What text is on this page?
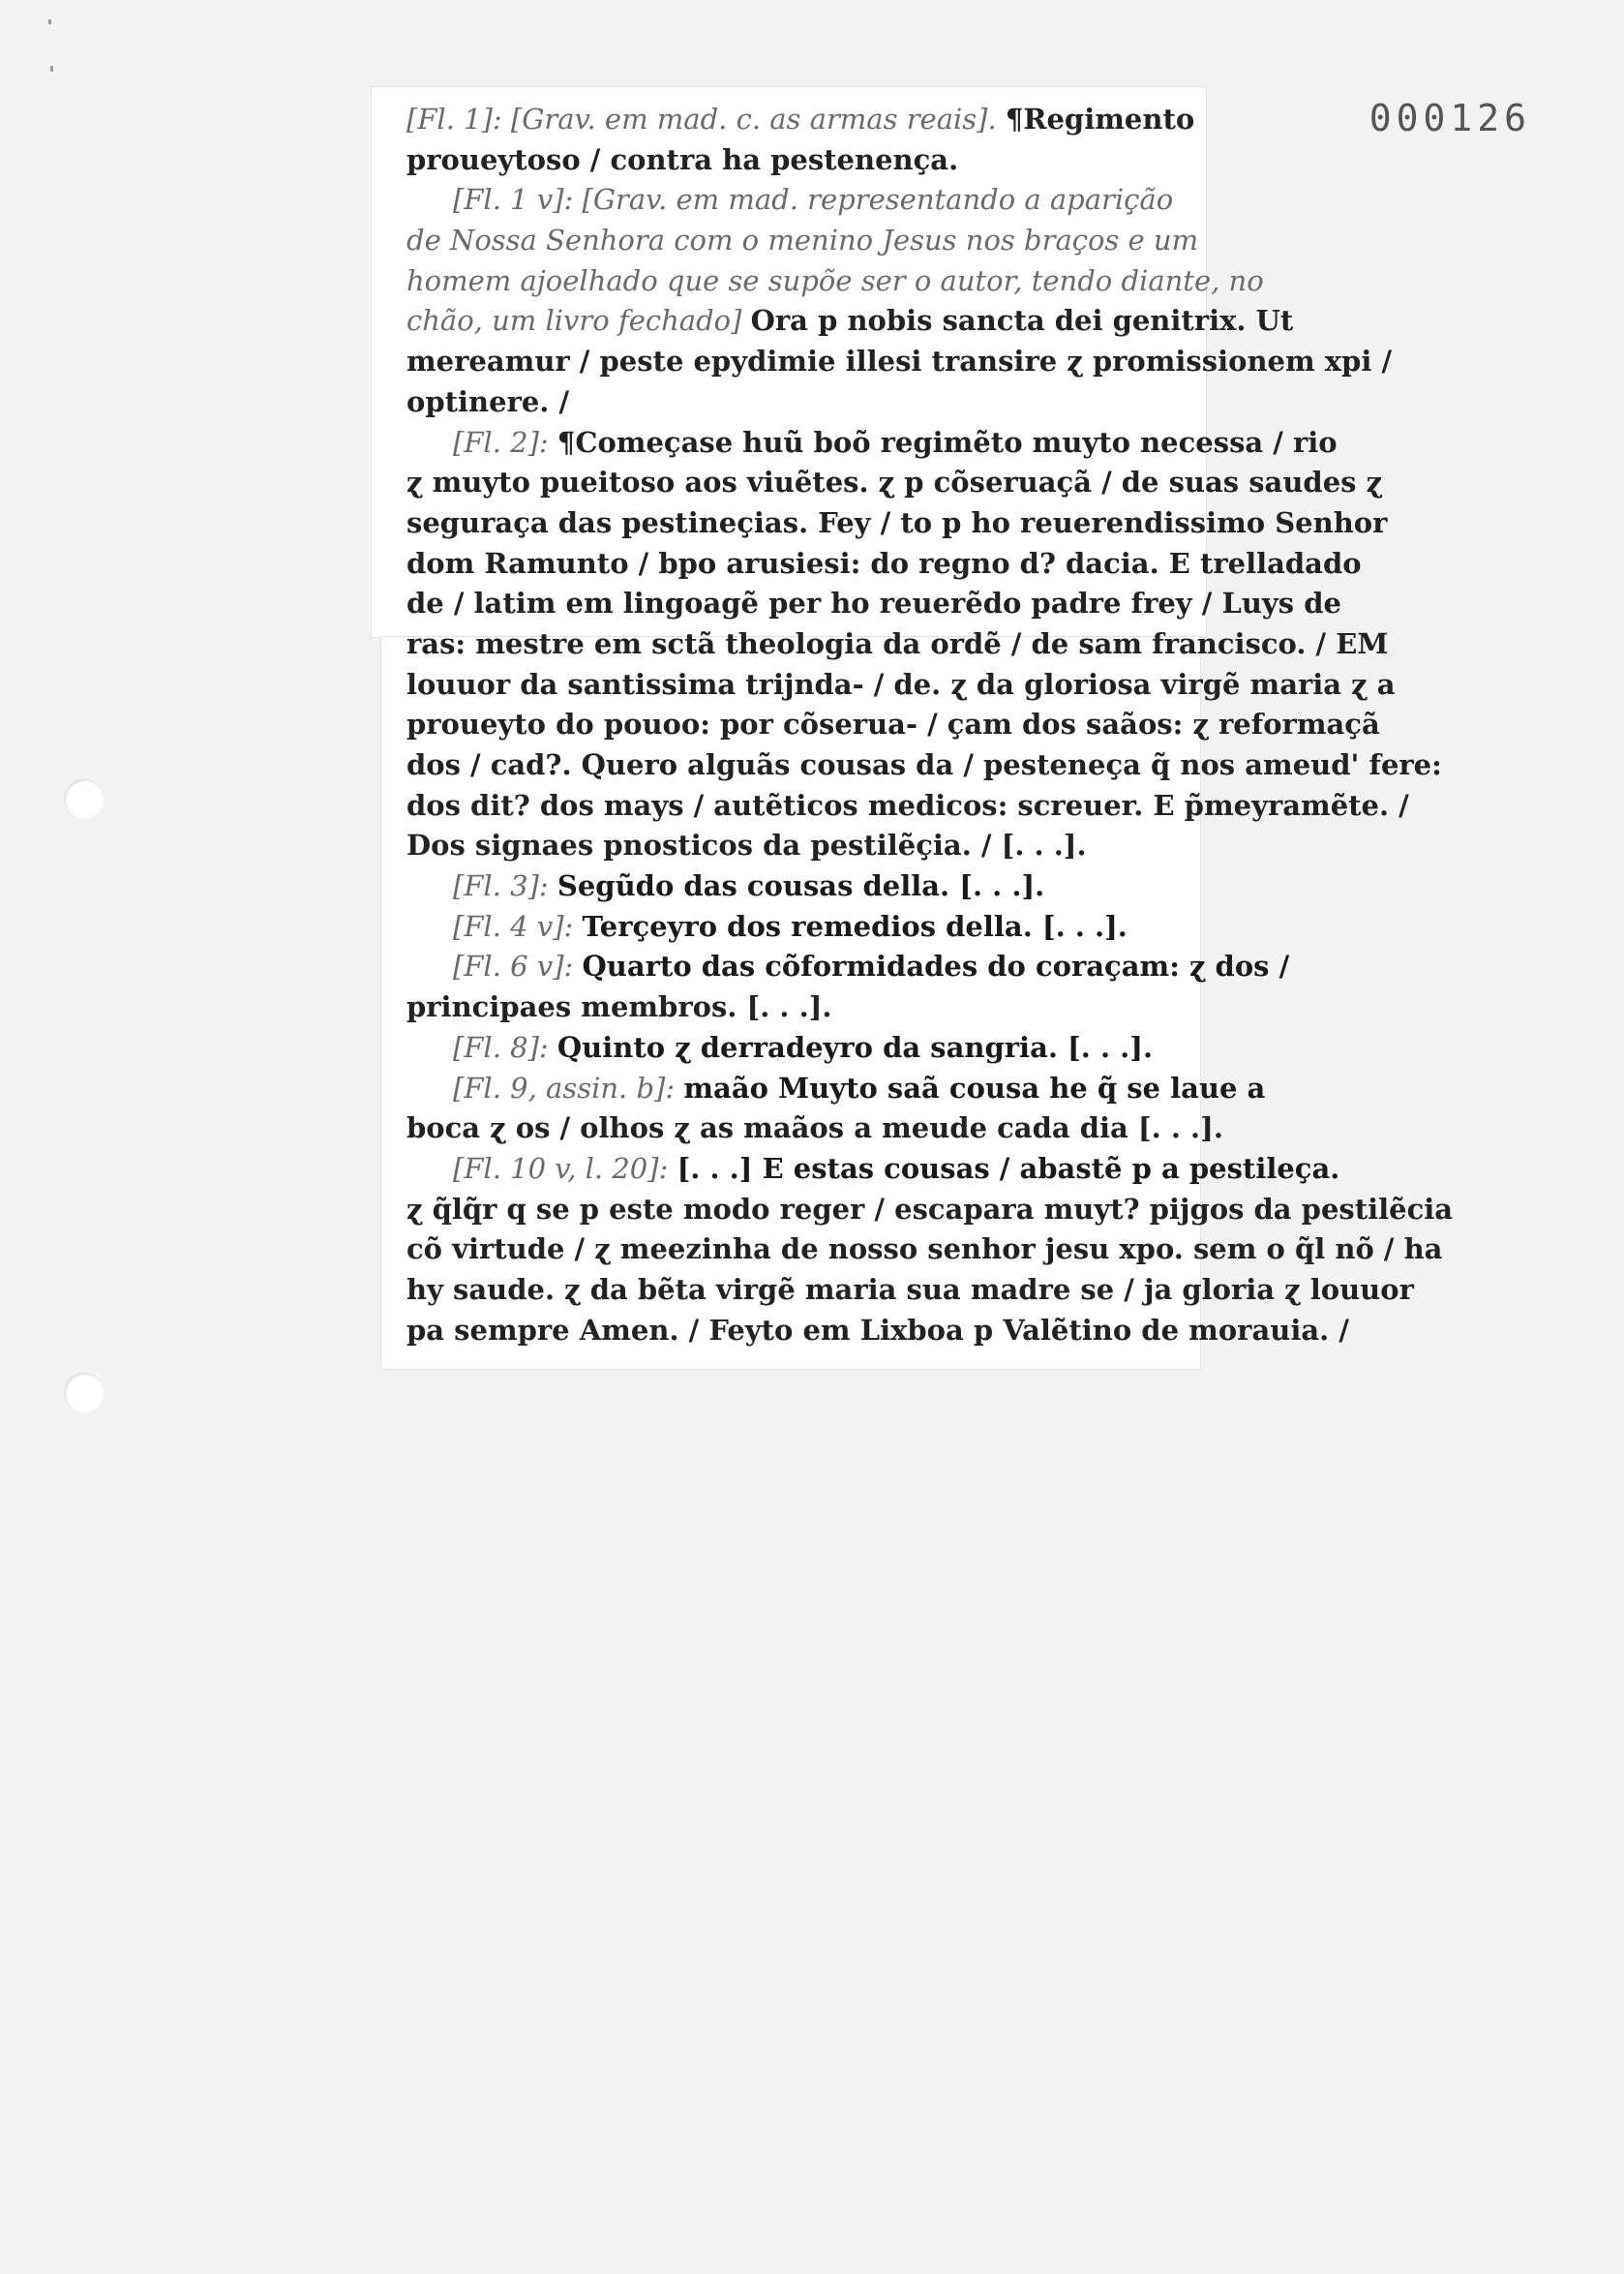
000126
[Fl. 1]: [Grav. em mad. c. as armas reais]. ¶Regimento
proueytoso / contra ha pestenença.
[Fl. 1 v]: [Grav. em mad. representando a aparição
de Nossa Senhora com o menino Jesus nos braços e um
homem ajoelhado que se supõe ser o autor, tendo diante, no
chão, um livro fechado] Ora p nobis sancta dei genitrix. Ut
mereamur / peste epydimie illesi transire ɀ promissionem xpi /
optinere. /
[Fl. 2]: ¶Começase huũ boõ regimẽto muyto necessa / rio
ɀ muyto pueitoso aos viuẽtes. ɀ p cõseruaçã / de suas saudes ɀ
seguraça das pestineçias. Fey / to p ho reuerendissimo Senhor
dom Ramunto / bpo arusiesi: do regno d? dacia. E trelladado
de / latim em lingoagẽ per ho reuerẽdo padre frey / Luys de
ras: mestre em sctã theologia da ordẽ / de sam francisco. / EM
louuor da santissima trijnda- / de. ɀ da gloriosa virgẽ maria ɀ a
proueyto do pouoo: por cõserua- / çam dos saãos: ɀ reformaçã
dos / cad?. Quero alguãs cousas da / pesteneça q̃ nos ameud' fere:
dos dit? dos mays / autẽticos medicos: screuer. E p̃meyramẽte. /
Dos signaes pnosticos da pestilẽçia. / [. . .].
[Fl. 3]: Segũdo das cousas della. [. . .].
[Fl. 4 v]: Terçeyro dos remedios della. [. . .].
[Fl. 6 v]: Quarto das cõformidades do coraçam: ɀ dos /
principaes membros. [. . .].
[Fl. 8]: Quinto ɀ derradeyro da sangria. [. . .].
[Fl. 9, assin. b]: maão Muyto saã cousa he q̃ se laue a
boca ɀ os / olhos ɀ as maãos a meude cada dia [. . .].
[Fl. 10 v, l. 20]: [. . .] E estas cousas / abastẽ p a pestileça.
ɀ q̃lq̃r q se p este modo reger / escapara muyt? pijgos da pestilẽcia
cõ virtude / ɀ meezinha de nosso senhor jesu xpo. sem o q̃l nõ / ha
hy saude. ɀ da bẽta virgẽ maria sua madre se / ja gloria ɀ louuor
pa sempre Amen. / Feyto em Lixboa p Valẽtino de morauia. /
